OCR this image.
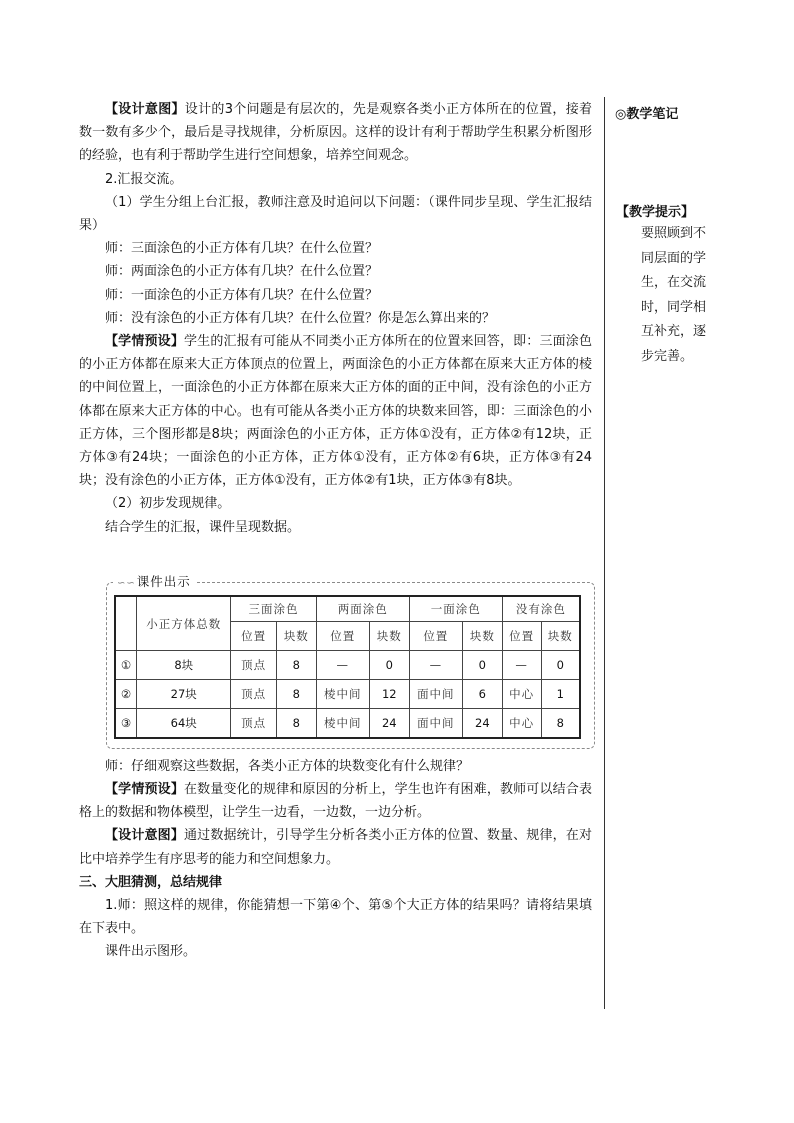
【设计意图】设计的3个问题是有层次的，先是观察各类小正方体所在的位置，接着数一数有多少个，最后是寻找规律，分析原因。这样的设计有利于帮助学生积累分析图形的经验，也有利于帮助学生进行空间想象，培养空间观念。

2.汇报交流。

（1）学生分组上台汇报，教师注意及时追问以下问题：（课件同步呈现、学生汇报结果）

师：三面涂色的小正方体有几块？在什么位置？

师：两面涂色的小正方体有几块？在什么位置？

师：一面涂色的小正方体有几块？在什么位置？

师：没有涂色的小正方体有几块？在什么位置？你是怎么算出来的？

【学情预设】学生的汇报有可能从不同类小正方体所在的位置来回答，即：三面涂色的小正方体都在原来大正方体顶点的位置上，两面涂色的小正方体都在原来大正方体的棱的中间位置上，一面涂色的小正方体都在原来大正方体的面的正中间，没有涂色的小正方体都在原来大正方体的中心。也有可能从各类小正方体的块数来回答，即：三面涂色的小正方体，三个图形都是8块；两面涂色的小正方体，正方体①没有，正方体②有12块，正方体③有24块；一面涂色的小正方体，正方体①没有，正方体②有6块，正方体③有24块；没有涂色的小正方体，正方体①没有，正方体②有1块，正方体③有8块。

（2）初步发现规律。

结合学生的汇报，课件呈现数据。

师：仔细观察这些数据，各类小正方体的块数变化有什么规律？

【学情预设】在数量变化的规律和原因的分析上，学生也许有困难，教师可以结合表格上的数据和物体模型，让学生一边看，一边数，一边分析。

【设计意图】通过数据统计，引导学生分析各类小正方体的位置、数量、规律，在对比中培养学生有序思考的能力和空间想象力。

三、大胆猜测，总结规律

1.师：照这样的规律，你能猜想一下第④个、第⑤个大正方体的结果吗？请将结果填在下表中。

课件出示图形。

◎教学笔记
【教学提示】
要照顾到不同层面的学生，在交流时，同学相互补充，逐步完善。
∽∽课件出示
	小正方体总数	三面涂色		两面涂色		一面涂色		没有涂色	
		位置	块数	位置	块数	位置	块数	位置	块数
①	8块	顶点	8	—	0	—	0	—	0
②	27块	顶点	8	棱中间	12	面中间	6	中心	1
③	64块	顶点	8	棱中间	24	面中间	24	中心	8
